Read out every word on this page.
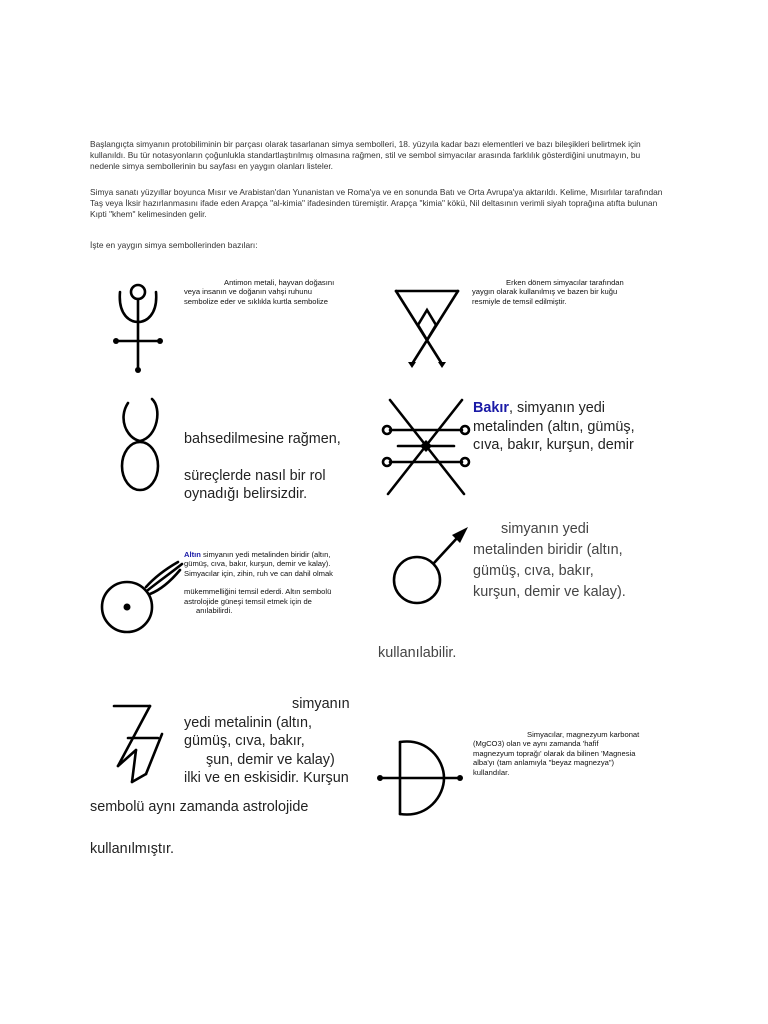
Başlangıçta simyanın protobiliminin bir parçası olarak tasarlanan simya sembolleri, 18. yüzyıla kadar bazı elementleri ve bazı bileşikleri belirtmek için kullanıldı. Bu tür notasyonların çoğunlukla standartlaştırılmış olmasına rağmen, stil ve sembol simyacılar arasında farklılık gösterdiğini unutmayın, bu nedenle simya sembollerinin bu sayfası en yaygın olanları listeler.
Simya sanatı yüzyıllar boyunca Mısır ve Arabistan'dan Yunanistan ve Roma'ya ve en sonunda Batı ve Orta Avrupa'ya aktarıldı. Kelime, Mısırlılar tarafından Taş veya İksir hazırlanmasını ifade eden Arapça "al-kimia" ifadesinden türemiştir. Arapça "kimia" kökü, Nil deltasının verimli siyah toprağına atıfta bulunan Kıpti "khem" kelimesinden gelir.
İşte en yaygın simya sembollerinden bazıları:
Antimon metali, hayvan doğasını
veya insanın ve doğanın vahşi ruhunu
sembolize eder ve sıklıkla kurtla sembolize
Erken dönem simyacılar tarafından
yaygın olarak kullanılmış ve bazen bir kuğu
resmiyle de temsil edilmiştir.
bahsedilmesine rağmen,
süreçlerde nasıl bir rol
oynadığı belirsizdir.
Bakır, simyanın yedi
metalinden (altın, gümüş,
cıva, bakır, kurşun, demir
Altın simyanın yedi metalinden biridir (altın,
gümüş, cıva, bakır, kurşun, demir ve kalay).
Simyacılar için, zihin, ruh ve can dahil olmak
mükemmelliğini temsil ederdi. Altın sembolü
astrolojide güneşi temsil etmek için de
anılabilirdi.
simyanın yedi
metalinden biridir (altın,
gümüş, cıva, bakır,
kurşun, demir ve kalay).
kullanılabilir.
simyanın
yedi metalinin (altın,
gümüş, cıva, bakır,
şun, demir ve kalay)
ilki ve en eskisidir. Kurşun
sembolü aynı zamanda astrolojide
kullanılmıştır.
Simyacılar, magnezyum karbonat
(MgCO3) olan ve aynı zamanda 'hafif
magnezyum toprağı' olarak da bilinen 'Magnesia
alba'yı (tam anlamıyla "beyaz magnezya")
kullandılar.
